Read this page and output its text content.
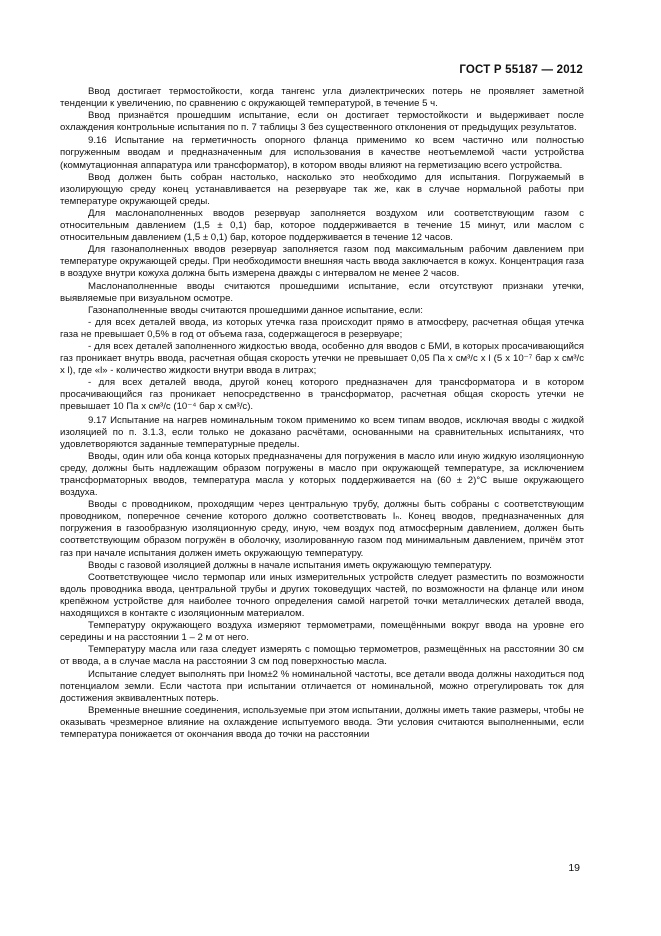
ГОСТ Р 55187 — 2012

Ввод достигает термостойкости, когда тангенс угла диэлектрических потерь не проявляет заметной тенденции к увеличению, по сравнению с окружающей температурой, в течение 5 ч.

Ввод признаётся прошедшим испытание, если он достигает термостойкости и выдерживает после охлаждения контрольные испытания по п. 7 таблицы 3 без существенного отклонения от предыдущих результатов.

9.16 Испытание на герметичность опорного фланца применимо ко всем частично или полностью погруженным вводам и предназначенным для использования в качестве неотъемлемой части устройства (коммутационная аппаратура или трансформатор), в котором вводы влияют на герметизацию всего устройства.

Ввод должен быть собран настолько, насколько это необходимо для испытания. Погружаемый в изолирующую среду конец устанавливается на резервуаре так же, как в случае нормальной работы при температуре окружающей среды.

Для маслонаполненных вводов резервуар заполняется воздухом или соответствующим газом с относительным давлением (1,5 ± 0,1) бар, которое поддерживается в течение 15 минут, или маслом с относительным давлением (1,5 ± 0,1) бар, которое поддерживается в течение 12 часов.

Для газонаполненных вводов резервуар заполняется газом под максимальным рабочим давлением при температуре окружающей среды. При необходимости внешняя часть ввода заключается в кожух. Концентрация газа в воздухе внутри кожуха должна быть измерена дважды с интервалом не менее 2 часов.

Маслонаполненные вводы считаются прошедшими испытание, если отсутствуют признаки утечки, выявляемые при визуальном осмотре.

Газонаполненные вводы считаются прошедшими данное испытание, если:

- для всех деталей ввода, из которых утечка газа происходит прямо в атмосферу, расчетная общая утечка газа не превышает 0,5% в год от объема газа, содержащегося в резервуаре;

- для всех деталей заполненного жидкостью ввода, особенно для вводов с БМИ, в которых просачивающийся газ проникает внутрь ввода, расчетная общая скорость утечки не превышает 0,05 Па х см³/с х l (5 х 10⁻⁷ бар х см³/с х l), где «l» - количество жидкости внутри ввода в литрах;

- для всех деталей ввода, другой конец которого предназначен для трансформатора и в котором просачивающийся газ проникает непосредственно в трансформатор, расчетная общая скорость утечки не превышает 10 Па х см³/с (10⁻⁴ бар х см³/с).

9.17 Испытание на нагрев номинальным током применимо ко всем типам вводов, исключая вводы с жидкой изоляцией по п. 3.1.3, если только не доказано расчётами, основанными на сравнительных испытаниях, что удовлетворяются заданные температурные пределы.

Вводы, один или оба конца которых предназначены для погружения в масло или иную жидкую изоляционную среду, должны быть надлежащим образом погружены в масло при окружающей температуре, за исключением трансформаторных вводов, температура масла у которых поддерживается на (60 ± 2)°С выше окружающего воздуха.

Вводы с проводником, проходящим через центральную трубу, должны быть собраны с соответствующим проводником, поперечное сечение которого должно соответствовать Iₙ. Конец вводов, предназначенных для погружения в газообразную изоляционную среду, иную, чем воздух под атмосферным давлением, должен быть соответствующим образом погружён в оболочку, изолированную газом под минимальным давлением, причём этот газ при начале испытания должен иметь окружающую температуру.

Вводы с газовой изоляцией должны в начале испытания иметь окружающую температуру.

Соответствующее число термопар или иных измерительных устройств следует разместить по возможности вдоль проводника ввода, центральной трубы и других токоведущих частей, по возможности на фланце или ином крепёжном устройстве для наиболее точного определения самой нагретой точки металлических деталей ввода, находящихся в контакте с изоляционным материалом.

Температуру окружающего воздуха измеряют термометрами, помещёнными вокруг ввода на уровне его середины и на расстоянии 1 – 2 м от него.

Температуру масла или газа следует измерять с помощью термометров, размещённых на расстоянии 30 см от ввода, а в случае масла на расстоянии 3 см под поверхностью масла.

Испытание следует выполнять при Iном±2 % номинальной частоты, все детали ввода должны находиться под потенциалом земли. Если частота при испытании отличается от номинальной, можно отрегулировать ток для достижения эквивалентных потерь.

Временные внешние соединения, используемые при этом испытании, должны иметь такие размеры, чтобы не оказывать чрезмерное влияние на охлаждение испытуемого ввода. Эти условия считаются выполненными, если температура понижается от окончания ввода до точки на расстоянии

19
